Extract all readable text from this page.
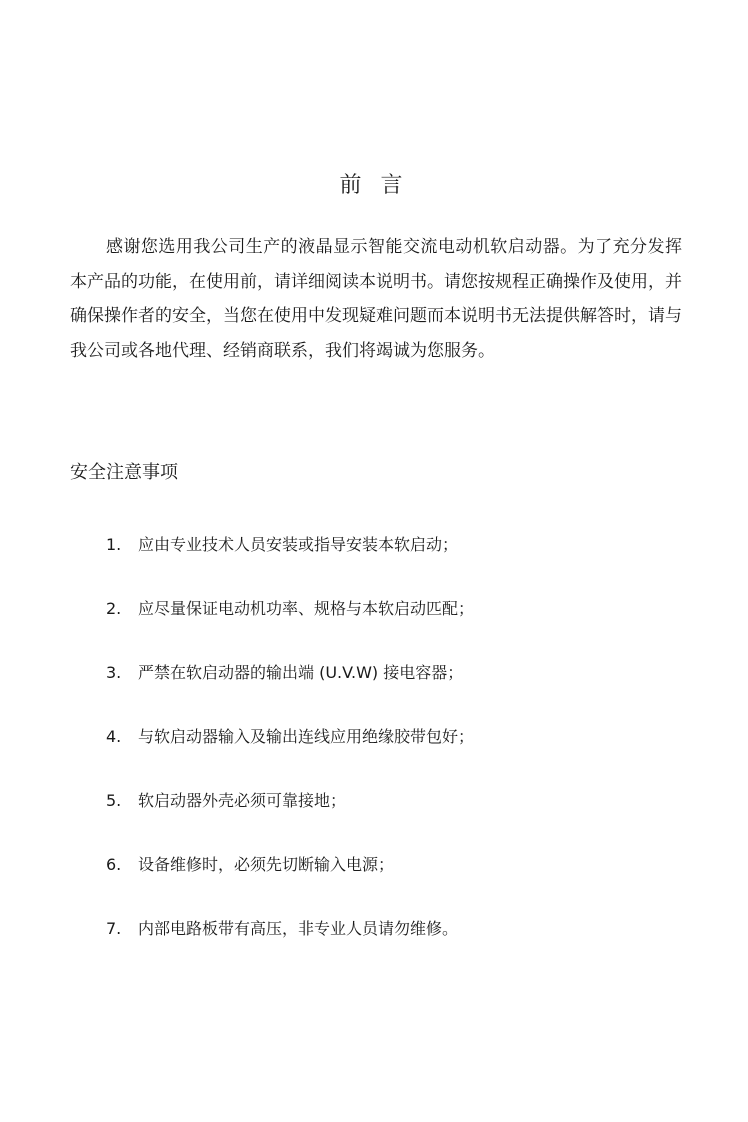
前 言

感谢您选用我公司生产的液晶显示智能交流电动机软启动器。为了充分发挥本产品的功能，在使用前，请详细阅读本说明书。请您按规程正确操作及使用，并确保操作者的安全，当您在使用中发现疑难问题而本说明书无法提供解答时，请与我公司或各地代理、经销商联系，我们将竭诚为您服务。

安全注意事项
1. 应由专业技术人员安装或指导安装本软启动；
2. 应尽量保证电动机功率、规格与本软启动匹配；
3. 严禁在软启动器的输出端 (U.V.W) 接电容器；
4. 与软启动器输入及输出连线应用绝缘胶带包好；
5. 软启动器外壳必须可靠接地；
6. 设备维修时，必须先切断输入电源；
7. 内部电路板带有高压，非专业人员请勿维修。
